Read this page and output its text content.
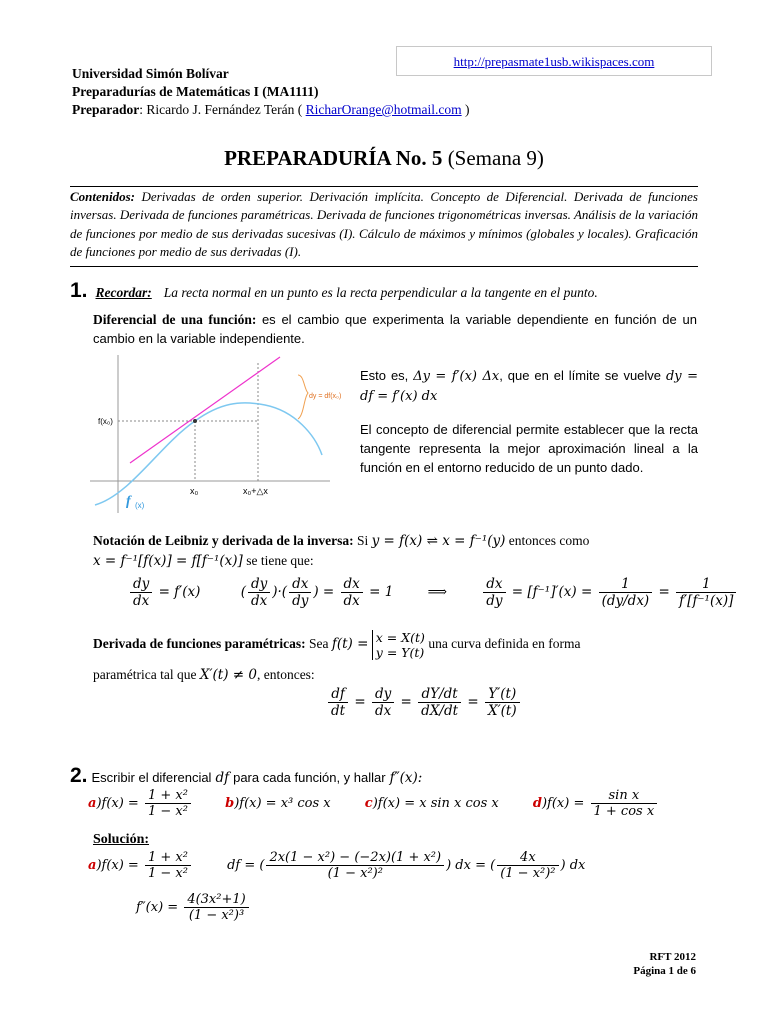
http://prepasmate1usb.wikispaces.com
Universidad Simón Bolívar
Preparadurías de Matemáticas I (MA1111)
Preparador: Ricardo J. Fernández Terán ( RicharOrange@hotmail.com )
PREPARADURÍA No. 5 (Semana 9)
Contenidos: Derivadas de orden superior. Derivación implícita. Concepto de Diferencial. Derivada de funciones inversas. Derivada de funciones paramétricas. Derivada de funciones trigonométricas inversas. Análisis de la variación de funciones por medio de sus derivadas sucesivas (I). Cálculo de máximos y mínimos (globales y locales). Graficación de funciones por medio de sus derivadas (I).
1. Recordar: La recta normal en un punto es la recta perpendicular a la tangente en el punto.
Diferencial de una función: es el cambio que experimenta la variable dependiente en función de un cambio en la variable independiente.
dy = df(x₀)
f(x₀)
x₀	x₀+△x
f (x)
Esto es, Δy = f′(x) Δx, que en el límite se vuelve dy = df = f′(x) dx
El concepto de diferencial permite establecer que la recta tangente representa la mejor aproximación lineal a la función en el entorno reducido de un punto dado.
Notación de Leibniz y derivada de la inversa: Si y = f(x) ⇌ x = f⁻¹(y) entonces como
x = f⁻¹[f(x)] = f[f⁻¹(x)] se tiene que:
$\frac{dy}{dx} = f'(x)$	( $\frac{dy}{dx}$ )·( $\frac{dx}{dy}$ ) = $\frac{dx}{dx} = 1$ ⟹	$\frac{dx}{dy} = [f^{-1}]'(x) = \frac{1}{(dy/dx)} = \frac{1}{\text{f′[f⁻¹(x)]}}$
Derivada de funciones paramétricas: Sea f(t) = x = X(t)
y = Y(t)
una curva definida en forma
paramétrica tal que X′(t) ≠ 0, entonces:
$\frac{df}{dt} = \frac{dy}{dx} = \frac{dY/dt}{dX/dt} = \frac{Y'(t)}{X'(t)}$
2. Escribir el diferencial df para cada función, y hallar f″(x):
$a)f(x) = \frac{\text{1 + x²}}{\text{1 − x²}}$	b)f(x) = x³ cos x	c)f(x) = x sin x cos x	$d)f(x) = \frac{\text{sin x}}{\text{1 + cos x}}$
Solución:
$a)f(x) = \frac{\text{1 + x²}}{\text{1 − x²}}$	df = ( $\frac{\text{2x(1 − x²) − (−2x)(1 + x²)}}{\text{(1 − x²)²}}$ ) dx = ( $\frac{4x}{\text{(1 − x²)²}}$ ) dx
$f''(x) = \frac{\text{4(3x²+1)}}{\text{(1 − x²)³}}$
RFT 2012
Página 1 de 6
